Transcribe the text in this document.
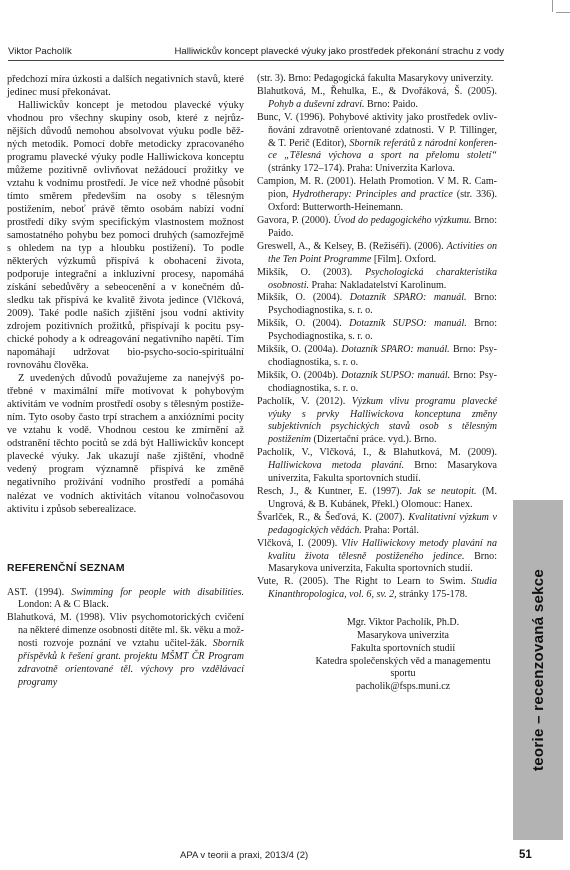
Viktor Pacholík	Halliwickův koncept plavecké výuky jako prostředek překonání strachu z vody

předchozí míra úzkosti a dalších negativních stavů, které jedinec musí překonávat.

Halliwickův koncept je metodou plavecké výuky vhodnou pro všechny skupiny osob, které z nejrůznějších důvodů nemohou absolvovat výuku podle běžných metodik. Pomocí dobře metodicky zpracovaného programu plavecké výuky podle Halliwickova konceptu můžeme pozitivně ovlivňovat nežádoucí prožitky ve vztahu k vodnímu prostředí. Je více než vhodné působit tímto směrem především na osoby s tělesným postižením, neboť právě těmto osobám nabízí vodní prostředí díky svým specifickým vlastnostem možnost samostatného pohybu bez pomoci druhých (samozřejmě s ohledem na typ a hloubku postižení). To podle některých výzkumů přispívá k obohacení života, podporuje integrační a inkluzivní procesy, napomáhá získání sebedůvěry a sebeocenění a v konečném důsledku tak přispívá ke kvalitě života jedince (Vlčková, 2009). Také podle našich zjištění jsou vodní aktivity zdrojem pozitivních prožitků, přispívají k pocitu psychické pohody a k odreagování negativního napětí. Tím napomáhají udržovat bio-psycho-socio-spirituální rovnováhu člověka.

Z uvedených důvodů považujeme za nanejvýš potřebné v maximální míře motivovat k pohybovým aktivitám ve vodním prostředí osoby s tělesným postižením. Tyto osoby často trpí strachem a anxiózními pocity ve vztahu k vodě. Vhodnou cestou ke zmírnění až odstranění těchto pocitů se zdá být Halliwickův koncept plavecké výuky. Jak ukazují naše zjištění, vhodně vedený program významně přispívá ke změně negativního prožívání vodního prostředí a pomáhá nalézat ve vodních aktivitách vítanou volnočasovou aktivitu i způsob seberealizace.

REFERENČNÍ SEZNAM

AST. (1994). Swimming for people with disabilities. London: A & C Black.

Blahutková, M. (1998). Vliv psychomotorických cvičení na některé dimenze osobnosti dítěte ml. šk. věku a možnosti rozvoje poznání ve vztahu učitel-žák. Sborník příspěvků k řešení grant. projektu MŠMT ČR Program zdravotně orientované těl. výchovy pro vzdělávací programy

(str. 3). Brno: Pedagogická fakulta Masarykovy univerzity.

Blahutková, M., Řehulka, E., & Dvořáková, Š. (2005). Pohyb a duševní zdraví. Brno: Paido.

Bunc, V. (1996). Pohybové aktivity jako prostředek ovlivňování zdravotně orientované zdatnosti. V P. Tillinger, & T. Perič (Editor), Sborník referátů z národní konference „Tělesná výchova a sport na přelomu století“ (stránky 172–174). Praha: Univerzita Karlova.

Campion, M. R. (2001). Helath Promotion. V M. R. Campion, Hydrotherapy: Principles and practice (str. 336). Oxford: Butterworth-Heinemann.

Gavora, P. (2000). Úvod do pedagogického výzkumu. Brno: Paido.

Greswell, A., & Kelsey, B. (Režiséři). (2006). Activities on the Ten Point Programme [Film]. Oxford.

Mikšík, O. (2003). Psychologická charakteristika osobnosti. Praha: Nakladatelství Karolinum.

Mikšík, O. (2004). Dotazník SPARO: manuál. Brno: Psychodiagnostika, s. r. o.

Mikšík, O. (2004). Dotazník SUPSO: manuál. Brno: Psychodiagnostika, s. r. o.

Mikšík, O. (2004a). Dotazník SPARO: manuál. Brno: Psychodiagnostika, s. r. o.

Mikšík, O. (2004b). Dotazník SUPSO: manuál. Brno: Psychodiagnostika, s. r. o.

Pacholík, V. (2012). Výzkum vlivu programu plavecké výuky s prvky Halliwickova konceptuna změny subjektivních psychických stavů osob s tělesným postižením (Dizertační práce. vyd.). Brno.

Pacholík, V., Vlčková, I., & Blahutková, M. (2009). Halliwickova metoda plavání. Brno: Masarykova univerzita, Fakulta sportovních studií.

Resch, J., & Kuntner, E. (1997). Jak se neutopit. (M. Ungrová, & B. Kubánek, Překl.) Olomouc: Hanex.

Švarlček, R., & Šeďová, K. (2007). Kvalitativní výzkum v pedagogických vědách. Praha: Portál.

Vlčková, I. (2009). Vliv Halliwickovy metody plavání na kvalitu života tělesně postiženého jedince. Brno: Masarykova univerzita, Fakulta sportovních studií.

Vute, R. (2005). The Right to Learn to Swim. Studia Kinanthropologica, vol. 6, sv. 2, stránky 175-178.

Mgr. Viktor Pacholík, Ph.D.
Masarykova univerzita
Fakulta sportovních studií
Katedra společenských věd a managementu sportu
pacholik@fsps.muni.cz	teorie – recenzovaná sekce
APA v teorii a praxi, 2013/4 (2)	51
